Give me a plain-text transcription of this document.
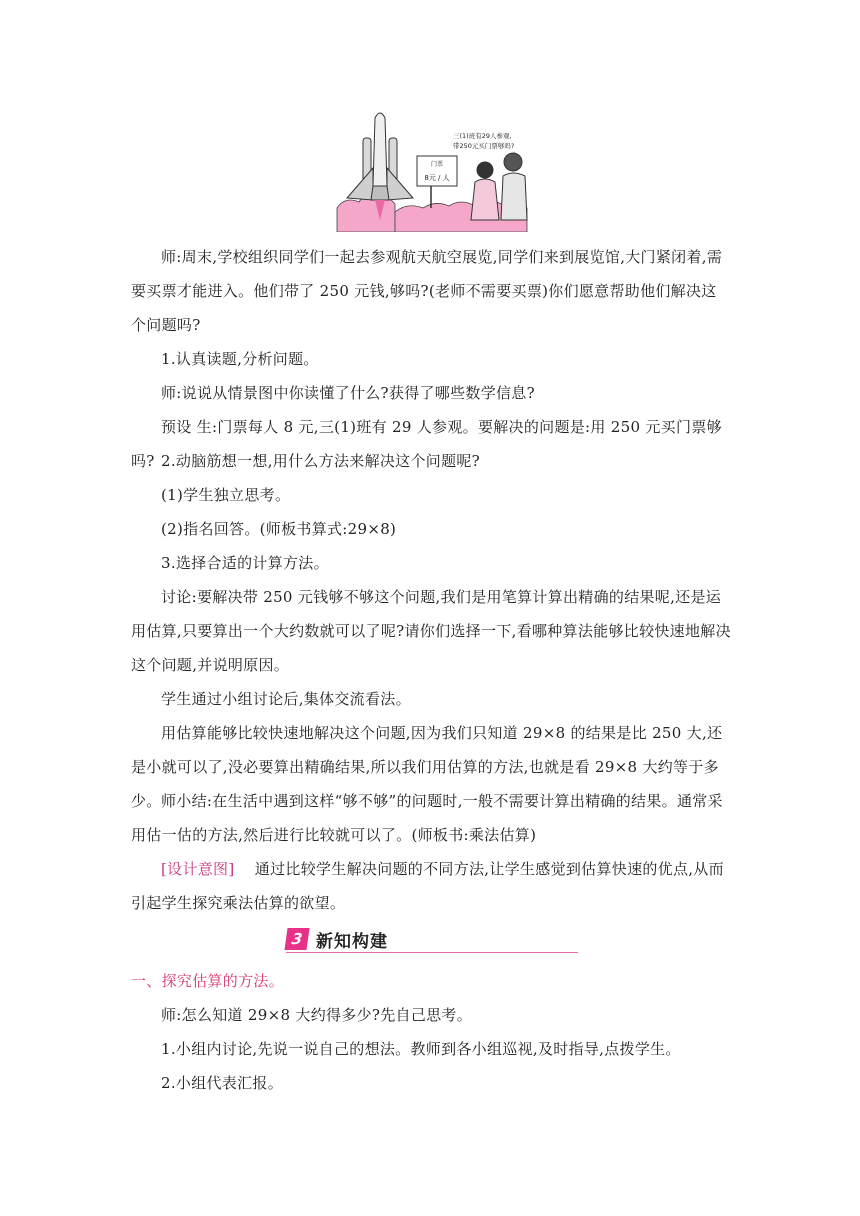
门票
8元 / 人
三(1)班有29人参观,
带250元买门票够吗?

师:周末,学校组织同学们一起去参观航天航空展览,同学们来到展览馆,大门紧闭着,需要买票才能进入。他们带了 250 元钱,够吗?(老师不需要买票)你们愿意帮助他们解决这个问题吗?

1.认真读题,分析问题。

师:说说从情景图中你读懂了什么?获得了哪些数学信息?

预设 生:门票每人 8 元,三(1)班有 29 人参观。要解决的问题是:用 250 元买门票够吗? 2.动脑筋想一想,用什么方法来解决这个问题呢?

(1)学生独立思考。

(2)指名回答。(师板书算式:29×8)

3.选择合适的计算方法。

讨论:要解决带 250 元钱够不够这个问题,我们是用笔算计算出精确的结果呢,还是运用估算,只要算出一个大约数就可以了呢?请你们选择一下,看哪种算法能够比较快速地解决这个问题,并说明原因。

学生通过小组讨论后,集体交流看法。

用估算能够比较快速地解决这个问题,因为我们只知道 29×8 的结果是比 250 大,还是小就可以了,没必要算出精确结果,所以我们用估算的方法,也就是看 29×8 大约等于多少。 师小结:在生活中遇到这样“够不够”的问题时,一般不需要计算出精确的结果。通常采用估一估的方法,然后进行比较就可以了。(师板书:乘法估算)

[设计意图] 通过比较学生解决问题的不同方法,让学生感觉到估算快速的优点,从而引起学生探究乘法估算的欲望。

3 新知构建
一、探究估算的方法。

师:怎么知道 29×8 大约得多少?先自己思考。

1.小组内讨论,先说一说自己的想法。教师到各小组巡视,及时指导,点拨学生。

2.小组代表汇报。
